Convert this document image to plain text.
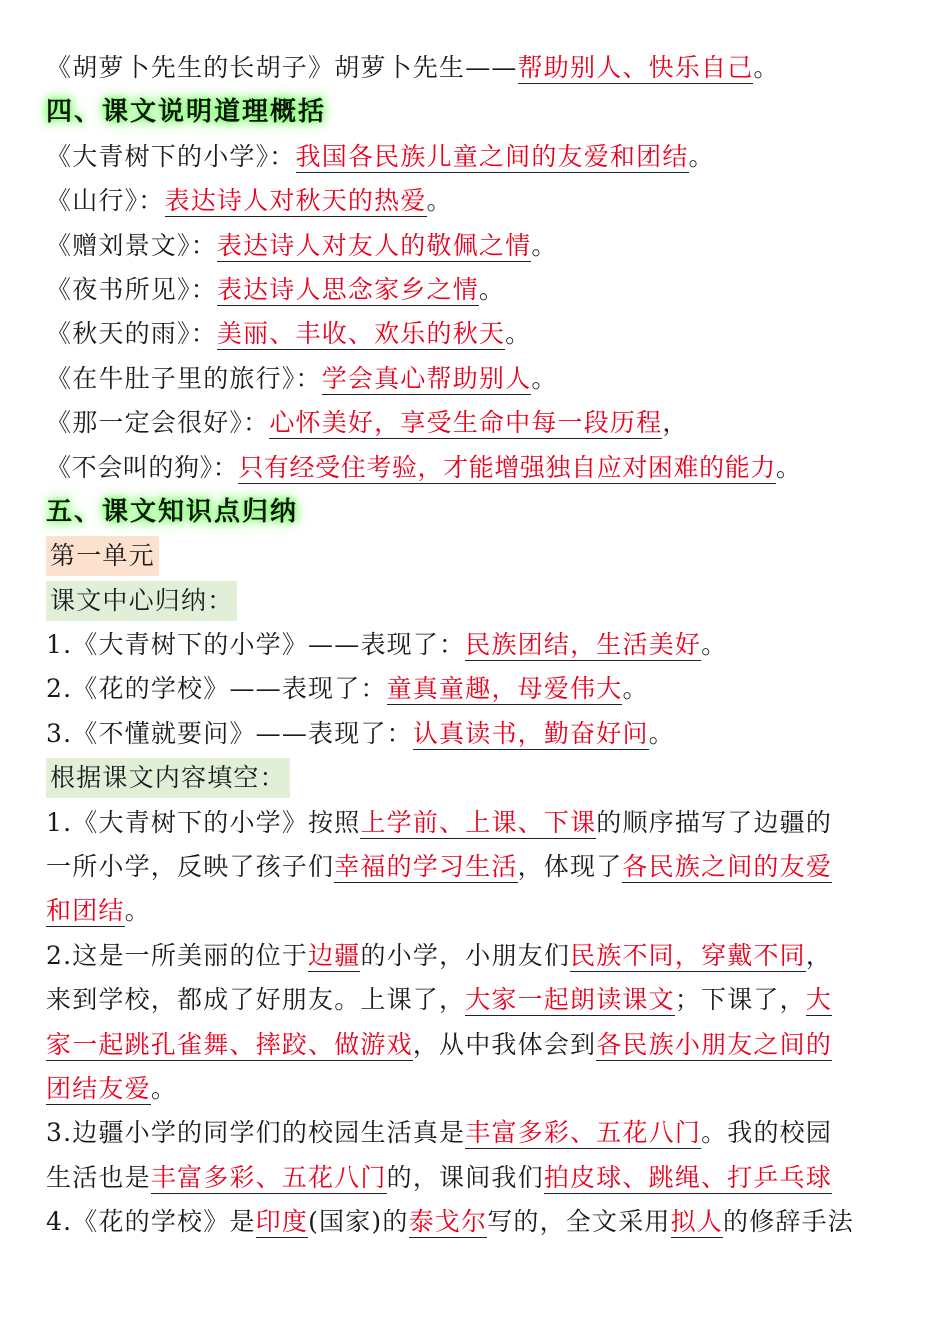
《胡萝卜先生的长胡子》胡萝卜先生——帮助别人、快乐自己。
四、课文说明道理概括
《大青树下的小学》：我国各民族儿童之间的友爱和团结。
《山行》：表达诗人对秋天的热爱。
《赠刘景文》：表达诗人对友人的敬佩之情。
《夜书所见》：表达诗人思念家乡之情。
《秋天的雨》：美丽、丰收、欢乐的秋天。
《在牛肚子里的旅行》：学会真心帮助别人。
《那一定会很好》：心怀美好，享受生命中每一段历程，
《不会叫的狗》：只有经受住考验，才能增强独自应对困难的能力。
五、课文知识点归纳
第一单元
课文中心归纳：
1.《大青树下的小学》——表现了：民族团结，生活美好。
2.《花的学校》——表现了：童真童趣，母爱伟大。
3.《不懂就要问》——表现了：认真读书，勤奋好问。
根据课文内容填空：
1.《大青树下的小学》按照上学前、上课、下课的顺序描写了边疆的
一所小学，反映了孩子们幸福的学习生活，体现了各民族之间的友爱
和团结。
2.这是一所美丽的位于边疆的小学，小朋友们民族不同，穿戴不同，
来到学校，都成了好朋友。上课了，大家一起朗读课文；下课了，大
家一起跳孔雀舞、摔跤、做游戏，从中我体会到各民族小朋友之间的
团结友爱。
3.边疆小学的同学们的校园生活真是丰富多彩、五花八门。我的校园
生活也是丰富多彩、五花八门的，课间我们拍皮球、跳绳、打乒乓球
4.《花的学校》是印度(国家)的泰戈尔写的，全文采用拟人的修辞手法
